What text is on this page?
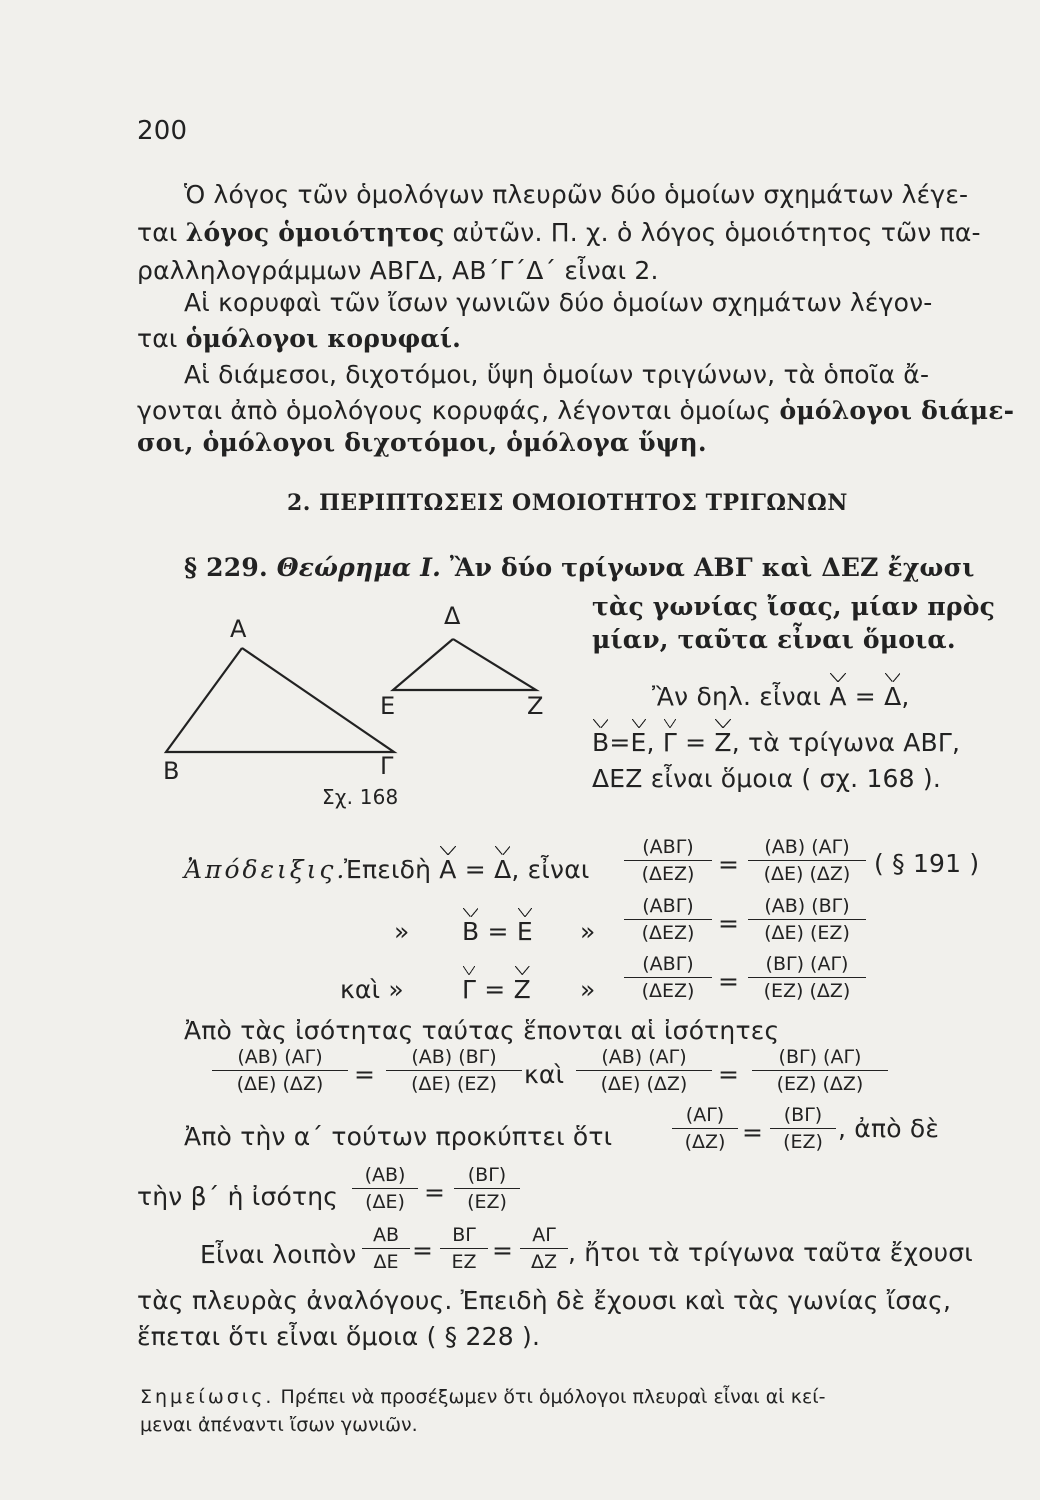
200
Ὁ λόγος τῶν ὁμολόγων πλευρῶν δύο ὁμοίων σχημάτων λέγε-
ται λόγος ὁμοιότητος αὐτῶν. Π. χ. ὁ λόγος ὁμοιότητος τῶν πα-
ραλληλογράμμων ΑΒΓΔ, ΑΒ΄Γ΄Δ΄ εἶναι 2.
Αἱ κορυφαὶ τῶν ἴσων γωνιῶν δύο ὁμοίων σχημάτων λέγον-
ται ὁμόλογοι κορυφαί.
Αἱ διάμεσοι, διχοτόμοι, ὕψη ὁμοίων τριγώνων, τὰ ὁποῖα ἄ-
γονται ἀπὸ ὁμολόγους κορυφάς, λέγονται ὁμοίως ὁμόλογοι διάμε-
σοι, ὁμόλογοι διχοτόμοι, ὁμόλογα ὕψη.
2. ΠΕΡΙΠΤΩΣΕΙΣ ΟΜΟΙΟΤΗΤΟΣ ΤΡΙΓΩΝΩΝ
§ 229. Θεώρημα Ι. Ἂν δύο τρίγωνα ΑΒΓ καὶ ΔΕΖ ἔχωσι
τὰς γωνίας ἴσας, μίαν πρὸς
μίαν, ταῦτα εἶναι ὅμοια.
Α
Β	Γ
Δ
Ε	Ζ
Σχ. 168
Ἂν δηλ. εἶναι Α = Δ,
Β=Ε, Γ = Ζ, τὰ τρίγωνα ΑΒΓ,
ΔΕΖ εἶναι ὅμοια ( σχ. 168 ).
Ἀπόδειξις.
Ἐπειδὴ Α = Δ, εἶναι
(ΑΒΓ)
$(\Delta EZ) = \frac{(AB) (A\Gamma)}{(\Delta E) (\Delta Z)}$ ( § 191 )
» Β = Ε »
(ΑΒΓ)
$(\Delta EZ) = \frac{(AB) (B\Gamma)}{(\Delta E) (EZ)}$
καὶ » Γ = Ζ »
(ΑΒΓ)
$(\Delta EZ) = \frac{(B\Gamma) (A\Gamma)}{(EZ) (\Delta Z)}$
Ἀπὸ τὰς ἰσότητας ταύτας ἕπονται αἱ ἰσότητες
$\frac{(AB) (A\Gamma)}{(\Delta E) (\Delta Z)} = \frac{(AB) (B\Gamma)}{(\Delta E) (EZ)}$ καὶ $\frac{(AB) (A\Gamma)}{(\Delta E) (\Delta Z)} = \frac{(B\Gamma) (A\Gamma)}{(EZ) (\Delta Z)}$
Ἀπὸ τὴν α΄ τούτων προκύπτει ὅτι	$\frac{(A\Gamma)}{(\Delta Z)} = \frac{(B\Gamma)}{(EZ)}$ , ἀπὸ δὲ
τὴν β΄ ἡ ἰσότης $\frac{(AB)}{(\Delta E)} = \frac{(B\Gamma)}{(EZ)}$
Εἶναι λοιπὸν $\frac{AB}{\Delta E} = \frac{B\Gamma}{EZ} = \frac{A\Gamma}{\Delta Z}$ , ἤτοι τὰ τρίγωνα ταῦτα ἔχουσι
τὰς πλευρὰς ἀναλόγους. Ἐπειδὴ δὲ ἔχουσι καὶ τὰς γωνίας ἴσας,
ἕπεται ὅτι εἶναι ὅμοια ( § 228 ).
Σημείωσις. Πρέπει νὰ προσέξωμεν ὅτι ὁμόλογοι πλευραὶ εἶναι αἱ κεί-
μεναι ἀπέναντι ἴσων γωνιῶν.
